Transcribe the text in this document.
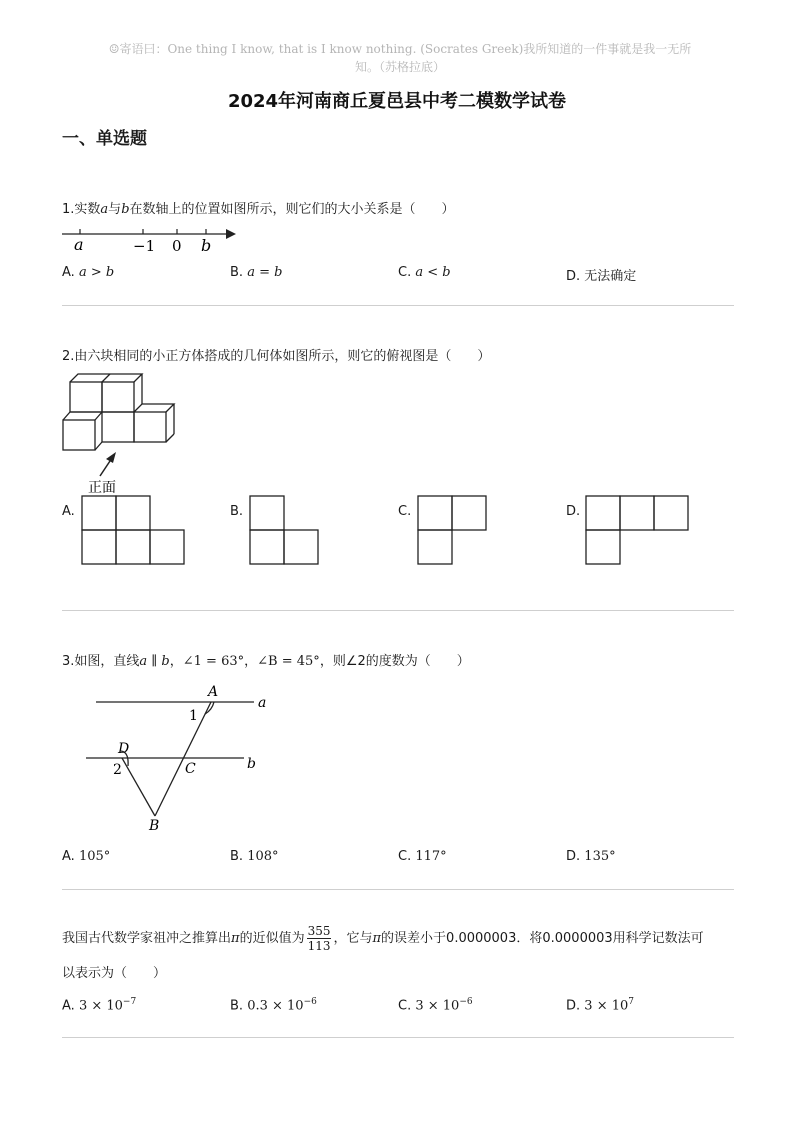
☺寄语曰：One thing I know, that is I know nothing. (Socrates Greek)我所知道的一件事就是我一无所
知。（苏格拉底）
2024年河南商丘夏邑县中考二模数学试卷
一、单选题
1.实数a与b在数轴上的位置如图所示，则它们的大小关系是（　　）
a	−1 0 b
A. a > b	B. a = b	C. a < b	D. 无法确定
2.由六块相同的小正方体搭成的几何体如图所示，则它的俯视图是（　　）
正面
A.	B.	C.	D.
3.如图，直线a ∥ b，∠1 = 63°，∠B = 45°，则∠2的度数为（　　）
A
a
1
D
2	C	b
B
A. 105°	B. 108°	C. 117°	D. 135°
我国古代数学家祖冲之推算出π的近似值为 $\frac{355}{113}$ ，它与π的误差小于0.0000003．将0.0000003用科学记数法可
以表示为（　　）
A. $3 \times 10^{-7}$	B. $0.3 \times 10^{-6}$	C. $3 \times 10^{-6}$	D. $3 \times 10^7$
